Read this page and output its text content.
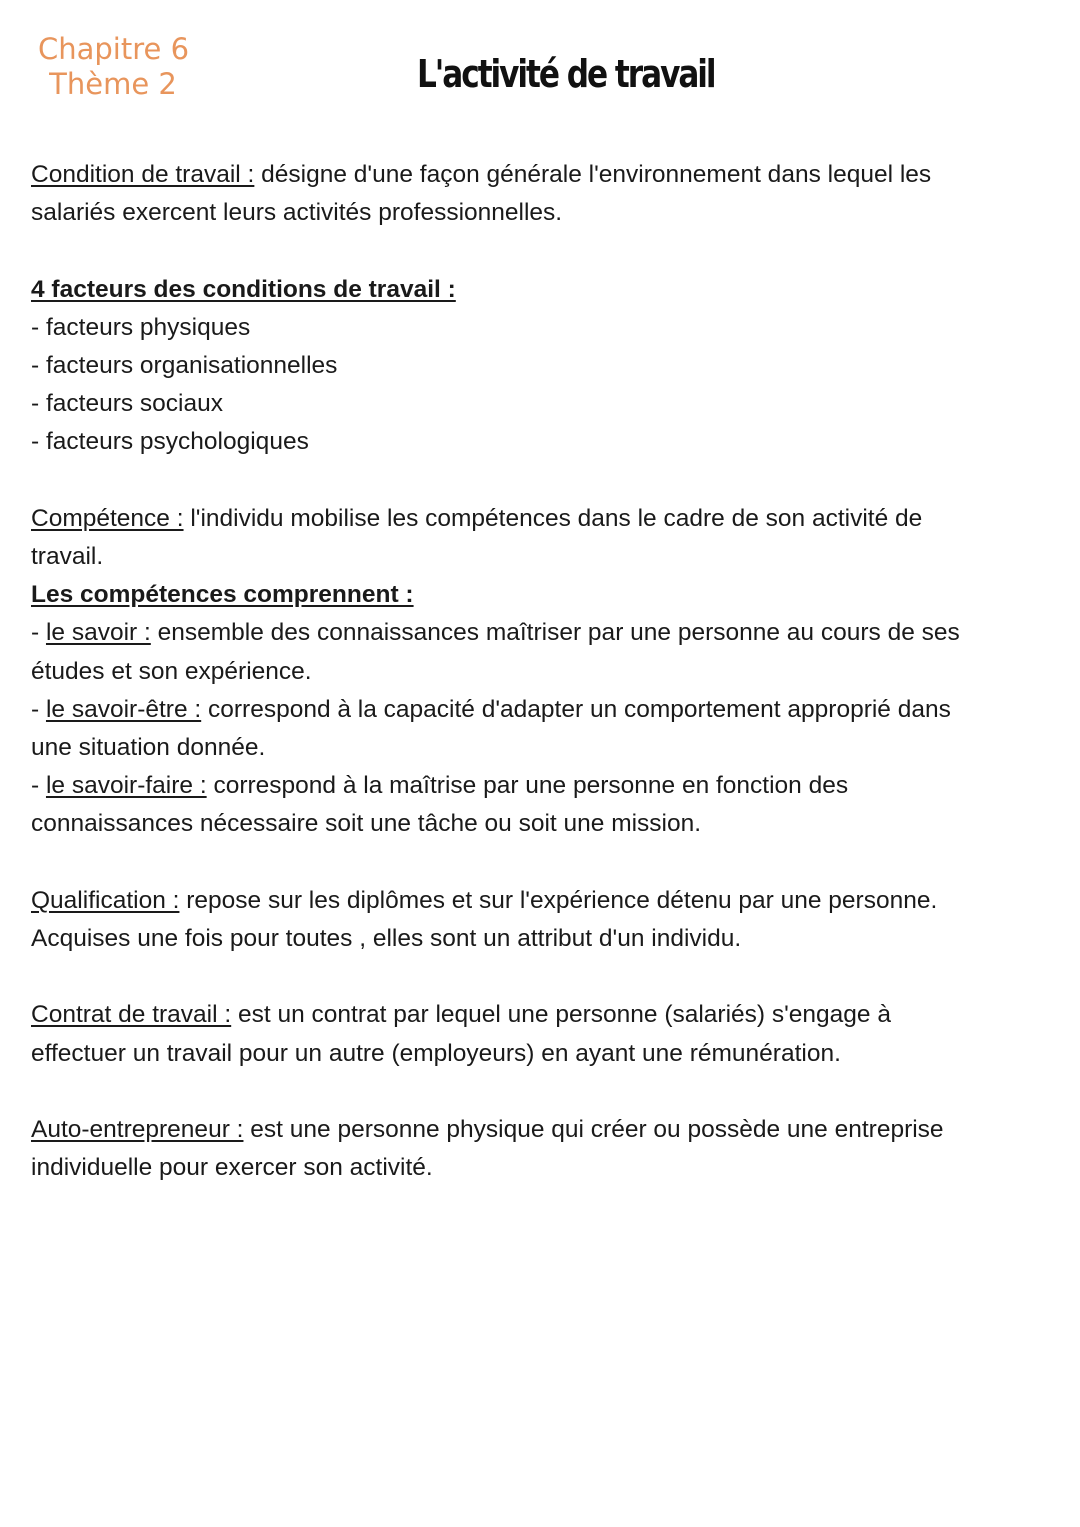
Chapitre 6
Thème 2	L'activité de travail

Condition de travail : désigne d'une façon générale l'environnement dans lequel les

salariés exercent leurs activités professionnelles.

4 facteurs des conditions de travail :

- facteurs physiques

- facteurs organisationnelles

- facteurs sociaux

- facteurs psychologiques

Compétence : l'individu mobilise les compétences dans le cadre de son activité de

travail.

Les compétences comprennent :

- le savoir : ensemble des connaissances maîtriser par une personne au cours de ses

études et son expérience.

- le savoir-être : correspond à la capacité d'adapter un comportement approprié dans

une situation donnée.

- le savoir-faire : correspond à la maîtrise par une personne en fonction des

connaissances nécessaire soit une tâche ou soit une mission.

Qualification : repose sur les diplômes et sur l'expérience détenu par une personne.

Acquises une fois pour toutes , elles sont un attribut d'un individu.

Contrat de travail : est un contrat par lequel une personne (salariés) s'engage à

effectuer un travail pour un autre (employeurs) en ayant une rémunération.

Auto-entrepreneur : est une personne physique qui créer ou possède une entreprise

individuelle pour exercer son activité.
